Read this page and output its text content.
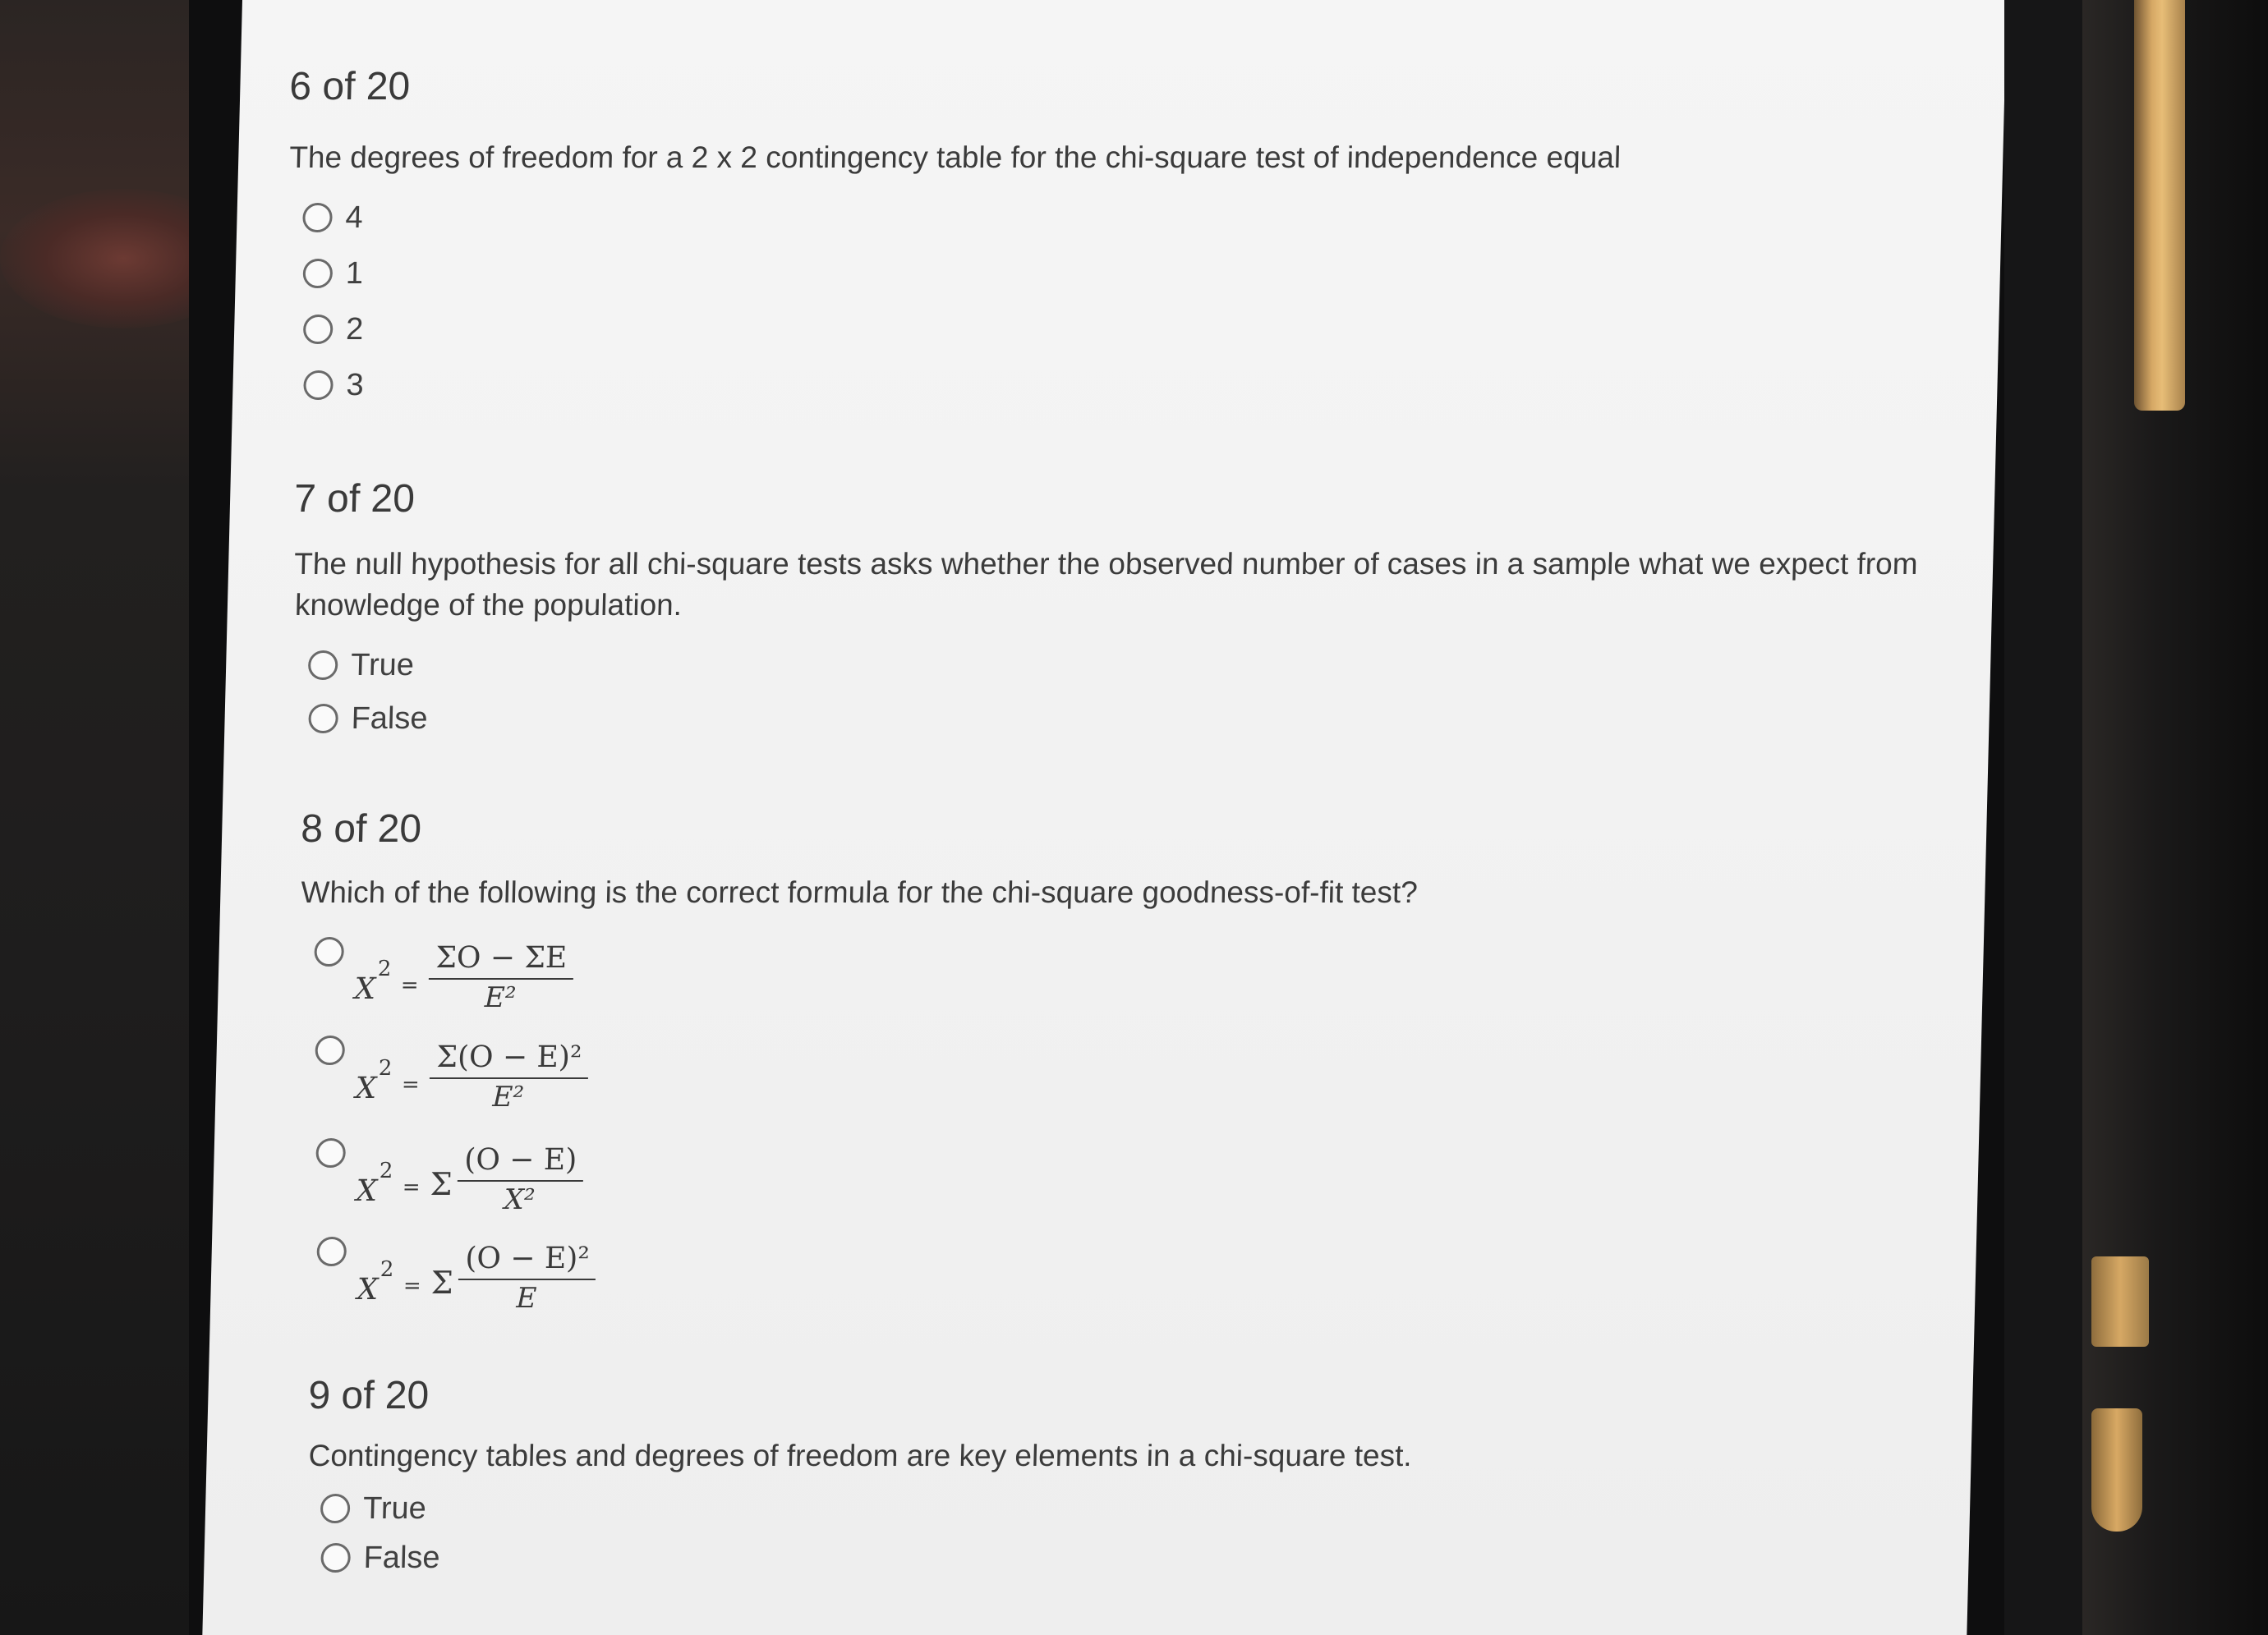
6 of 20
The degrees of freedom for a 2 x 2 contingency table for the chi-square test of independence equal
4
1
2
3
7 of 20
The null hypothesis for all chi-square tests asks whether the observed number of cases in a sample what we expect from
knowledge of the population.
True
False
8 of 20
Which of the following is the correct formula for the chi-square goodness-of-fit test?
X
2
= $\frac{\Sigma O - \Sigma E}{\text{E²}}$
X
2
= $\frac{\text{Σ(O − E)²}}{\text{E²}}$
X
2
= Σ $\frac{(O - E)}{\text{X²}}$
X
2
= Σ $\frac{\text{(O − E)²}}{E}$
9 of 20
Contingency tables and degrees of freedom are key elements in a chi-square test.
True
False
